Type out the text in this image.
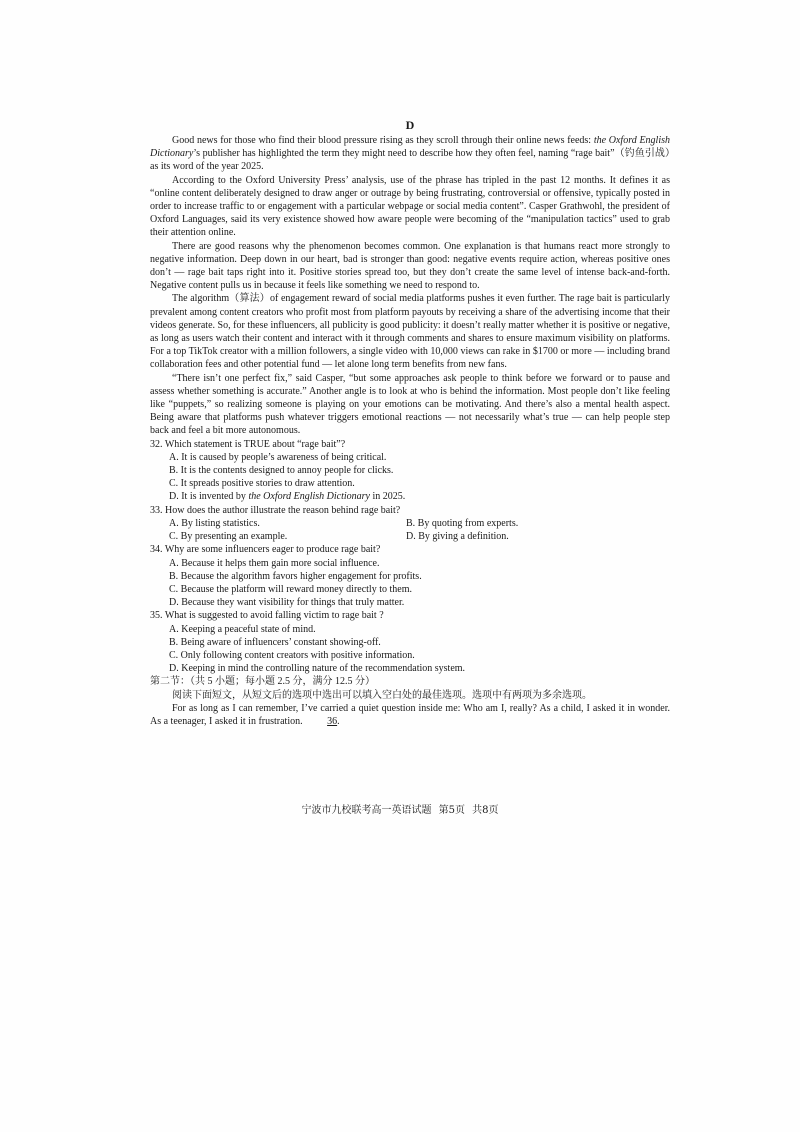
D

Good news for those who find their blood pressure rising as they scroll through their online news feeds: the Oxford English Dictionary’s publisher has highlighted the term they might need to describe how they often feel, naming “rage bait”（钓鱼引战）as its word of the year 2025.

According to the Oxford University Press’ analysis, use of the phrase has tripled in the past 12 months. It defines it as “online content deliberately designed to draw anger or outrage by being frustrating, controversial or offensive, typically posted in order to increase traffic to or engagement with a particular webpage or social media content”. Casper Grathwohl, the president of Oxford Languages, said its very existence showed how aware people were becoming of the “manipulation tactics” used to grab their attention online.

There are good reasons why the phenomenon becomes common. One explanation is that humans react more strongly to negative information. Deep down in our heart, bad is stronger than good: negative events require action, whereas positive ones don’t — rage bait taps right into it. Positive stories spread too, but they don’t create the same level of intense back-and-forth. Negative content pulls us in because it feels like something we need to respond to.

The algorithm（算法）of engagement reward of social media platforms pushes it even further. The rage bait is particularly prevalent among content creators who profit most from platform payouts by receiving a share of the advertising income that their videos generate. So, for these influencers, all publicity is good publicity: it doesn’t really matter whether it is positive or negative, as long as users watch their content and interact with it through comments and shares to ensure maximum visibility on platforms. For a top TikTok creator with a million followers, a single video with 10,000 views can rake in $1700 or more — including brand collaboration fees and other potential fund — let alone long term benefits from new fans.

“There isn’t one perfect fix,” said Casper, “but some approaches ask people to think before we forward or to pause and assess whether something is accurate.” Another angle is to look at who is behind the information. Most people don’t like feeling like “puppets,” so realizing someone is playing on your emotions can be motivating. And there’s also a mental health aspect. Being aware that platforms push whatever triggers emotional reactions — not necessarily what’s true — can help people step back and feel a bit more autonomous.

32. Which statement is TRUE about “rage bait”?

A. It is caused by people’s awareness of being critical.

B. It is the contents designed to annoy people for clicks.

C. It spreads positive stories to draw attention.

D. It is invented by the Oxford English Dictionary in 2025.

33. How does the author illustrate the reason behind rage bait?

A. By listing statistics.	B. By quoting from experts.

C. By presenting an example.	D. By giving a definition.

34. Why are some influencers eager to produce rage bait?

A. Because it helps them gain more social influence.

B. Because the algorithm favors higher engagement for profits.

C. Because the platform will reward money directly to them.

D. Because they want visibility for things that truly matter.

35. What is suggested to avoid falling victim to rage bait ?

A. Keeping a peaceful state of mind.

B. Being aware of influencers’ constant showing-off.

C. Only following content creators with positive information.

D. Keeping in mind the controlling nature of the recommendation system.

第二节：（共 5 小题；每小题 2.5 分，满分 12.5 分）

阅读下面短文，从短文后的选项中选出可以填入空白处的最佳选项。选项中有两项为多余选项。

For as long as I can remember, I’ve carried a quiet question inside me: Who am I, really? As a child, I asked it in wonder. As a teenager, I asked it in frustration. 36.

宁波市九校联考高一英语试题 第5页 共8页
